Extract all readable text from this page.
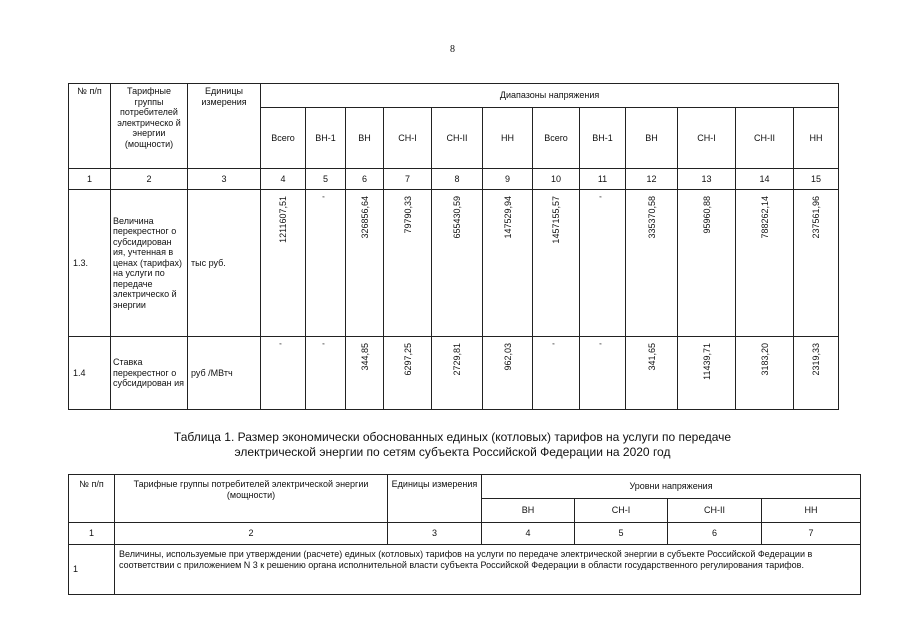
8
№ п/п	Тарифные группы потребителей электрическо й энергии (мощности)	Единицы измерения	Диапазоны напряжения											
			Всего	ВН-1	ВН	СН-I	СН-II	НН	Всего	ВН-1	ВН	СН-I	СН-II	НН
1	2	3	4	5	6	7	8	9	10	11	12	13	14	15
1.3.	Величина перекрестног о субсидирован ия, учтенная в ценах (тарифах) на услуги по передаче электрическо й энергии	тыс руб.	1211607,51	'	326856,64	79790,33	655430,59	147529,94	1457155,57	'	335370,58	95960,88	788262,14	237561,96

1.4	Ставка перекрестног о субсидирован ия	руб /МВтч	'	'	344,85	6297,25	2729,81	962,03	'	'	341,65	11439,71	3183,20	2319,33
Таблица 1. Размер экономически обоснованных единых (котловых) тарифов на услуги по передаче
электрической энергии по сетям субъекта Российской Федерации на 2020 год
№ п/п	Тарифные группы потребителей электрической энергии (мощности)	Единицы измерения	Уровни напряжения			
			ВН	СН-I	СН-II	НН
1	2	3	4	5	6	7
1	Величины, используемые при утверждении (расчете) единых (котловых) тарифов на услуги по передаче электрической энергии в субъекте Российской Федерации в соответствии с приложением N 3 к решению органа исполнительной власти субъекта Российской Федерации в области государственного регулирования тарифов.					
